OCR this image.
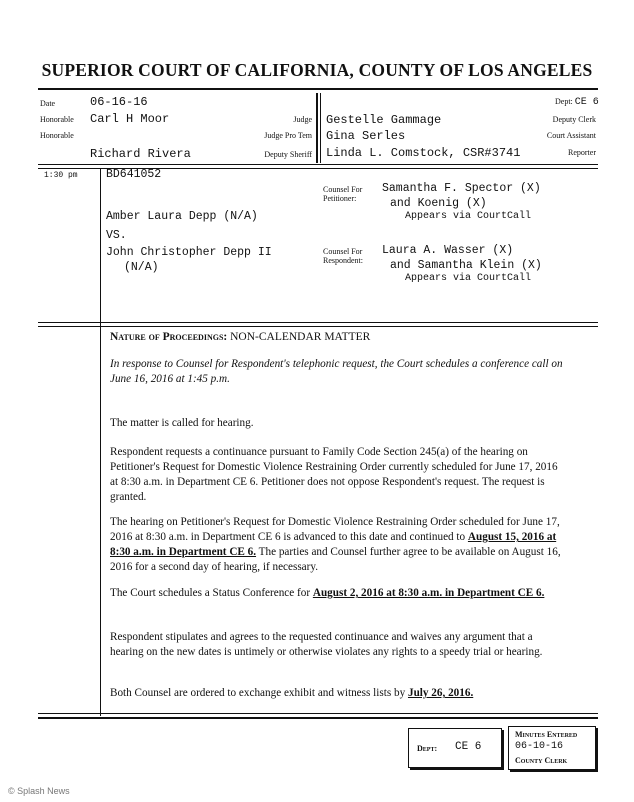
SUPERIOR COURT OF CALIFORNIA, COUNTY OF LOS ANGELES
Date	06-16-16
Honorable Carl H Moor	Judge
Honorable	Judge Pro Tem
Richard Rivera	Deputy Sheriff
Dept: CE 6
Gestelle Gammage	Deputy Clerk
Gina Serles	Court Assistant
Linda L. Comstock, CSR#3741	Reporter
1:30 pm BD641052
Amber Laura Depp (N/A)
VS.
John Christopher Depp II
(N/A)
Counsel For
Petitioner:
Samantha F. Spector (X)
and Koenig (X)
Appears via CourtCall
Counsel For
Respondent:
Laura A. Wasser (X)
and Samantha Klein (X)
Appears via CourtCall
Nature of Proceedings: NON-CALENDAR MATTER
In response to Counsel for Respondent's telephonic request, the Court schedules a conference call on June 16, 2016 at 1:45 p.m.
The matter is called for hearing.
Respondent requests a continuance pursuant to Family Code Section 245(a) of the hearing on Petitioner's Request for Domestic Violence Restraining Order currently scheduled for June 17, 2016 at 8:30 a.m. in Department CE 6. Petitioner does not oppose Respondent's request. The request is granted.
The hearing on Petitioner's Request for Domestic Violence Restraining Order scheduled for June 17, 2016 at 8:30 a.m. in Department CE 6 is advanced to this date and continued to August 15, 2016 at 8:30 a.m. in Department CE 6. The parties and Counsel further agree to be available on August 16, 2016 for a second day of hearing, if necessary.
The Court schedules a Status Conference for August 2, 2016 at 8:30 a.m. in Department CE 6.
Respondent stipulates and agrees to the requested continuance and waives any argument that a hearing on the new dates is untimely or otherwise violates any rights to a speedy trial or hearing.
Both Counsel are ordered to exchange exhibit and witness lists by July 26, 2016.
Dept: CE 6
Minutes Entered
06-10-16
County Clerk
© Splash News
